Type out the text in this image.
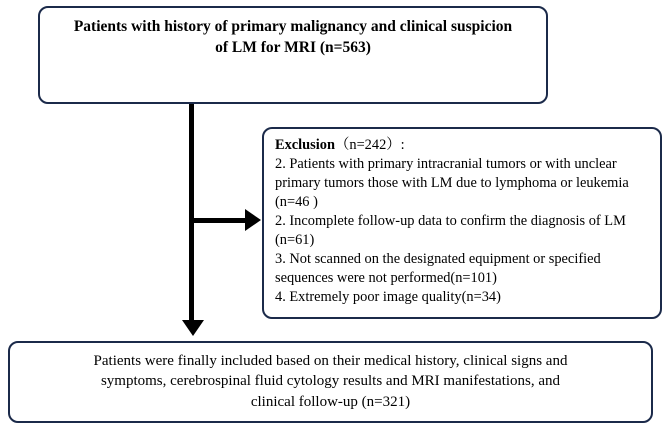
Patients with history of primary malignancy and clinical suspicion
of LM for MRI (n=563)

Exclusion（n=242）:

2. Patients with primary intracranial tumors or with unclear primary tumors those with LM due to lymphoma or leukemia (n=46 )

2. Incomplete follow-up data to confirm the diagnosis of LM (n=61)

3. Not scanned on the designated equipment or specified sequences were not performed(n=101)

4. Extremely poor image quality(n=34)

Patients were finally included based on their medical history, clinical signs and
symptoms, cerebrospinal fluid cytology results and MRI manifestations, and
clinical follow-up (n=321)
